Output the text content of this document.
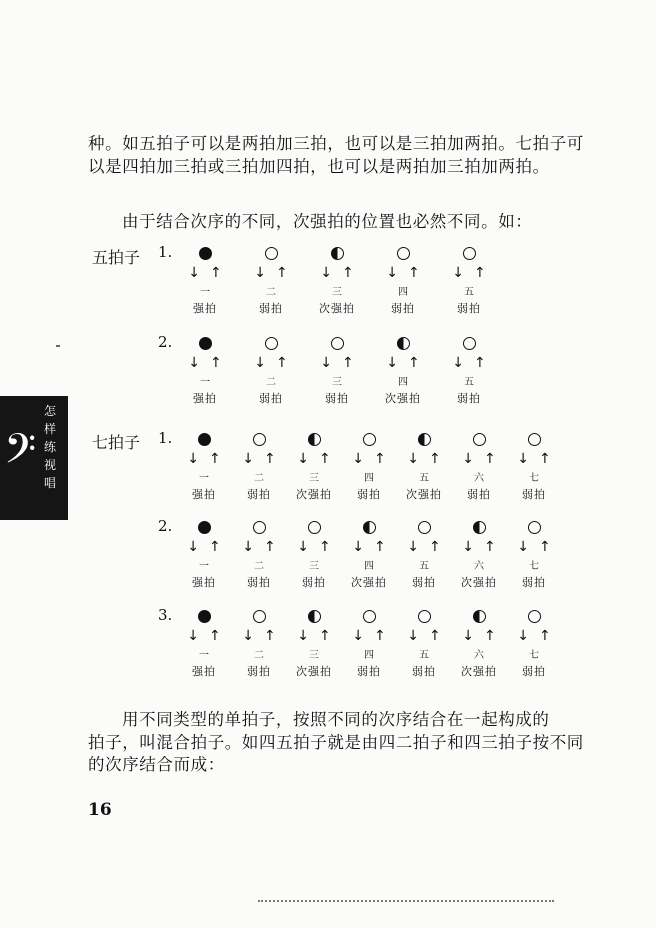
种。如五拍子可以是两拍加三拍，也可以是三拍加两拍。七拍子可以是四拍加三拍或三拍加四拍，也可以是两拍加三拍加两拍。
由于结合次序的不同，次强拍的位置也必然不同。如：
五拍子
七拍子
1.
↓↑
一
强拍
↓↑
二
弱拍
↓↑
三
次强拍
↓↑
四
弱拍
↓↑
五
弱拍
2.
↓↑
一
强拍
↓↑
二
弱拍
↓↑
三
弱拍
↓↑
四
次强拍
↓↑
五
弱拍
1.
↓↑
一
强拍
↓↑
二
弱拍
↓↑
三
次强拍
↓↑
四
弱拍
↓↑
五
次强拍
↓↑
六
弱拍
↓↑
七
弱拍
2.
↓↑
一
强拍
↓↑
二
弱拍
↓↑
三
弱拍
↓↑
四
次强拍
↓↑
五
弱拍
↓↑
六
次强拍
↓↑
七
弱拍
3.
↓↑
一
强拍
↓↑
二
弱拍
↓↑
三
次强拍
↓↑
四
弱拍
↓↑
五
弱拍
↓↑
六
次强拍
↓↑
七
弱拍
用不同类型的单拍子，按照不同的次序结合在一起构成的
拍子，叫混合拍子。如四五拍子就是由四二拍子和四三拍子按不同的次序结合而成：
𝄢
怎样练视唱
16
